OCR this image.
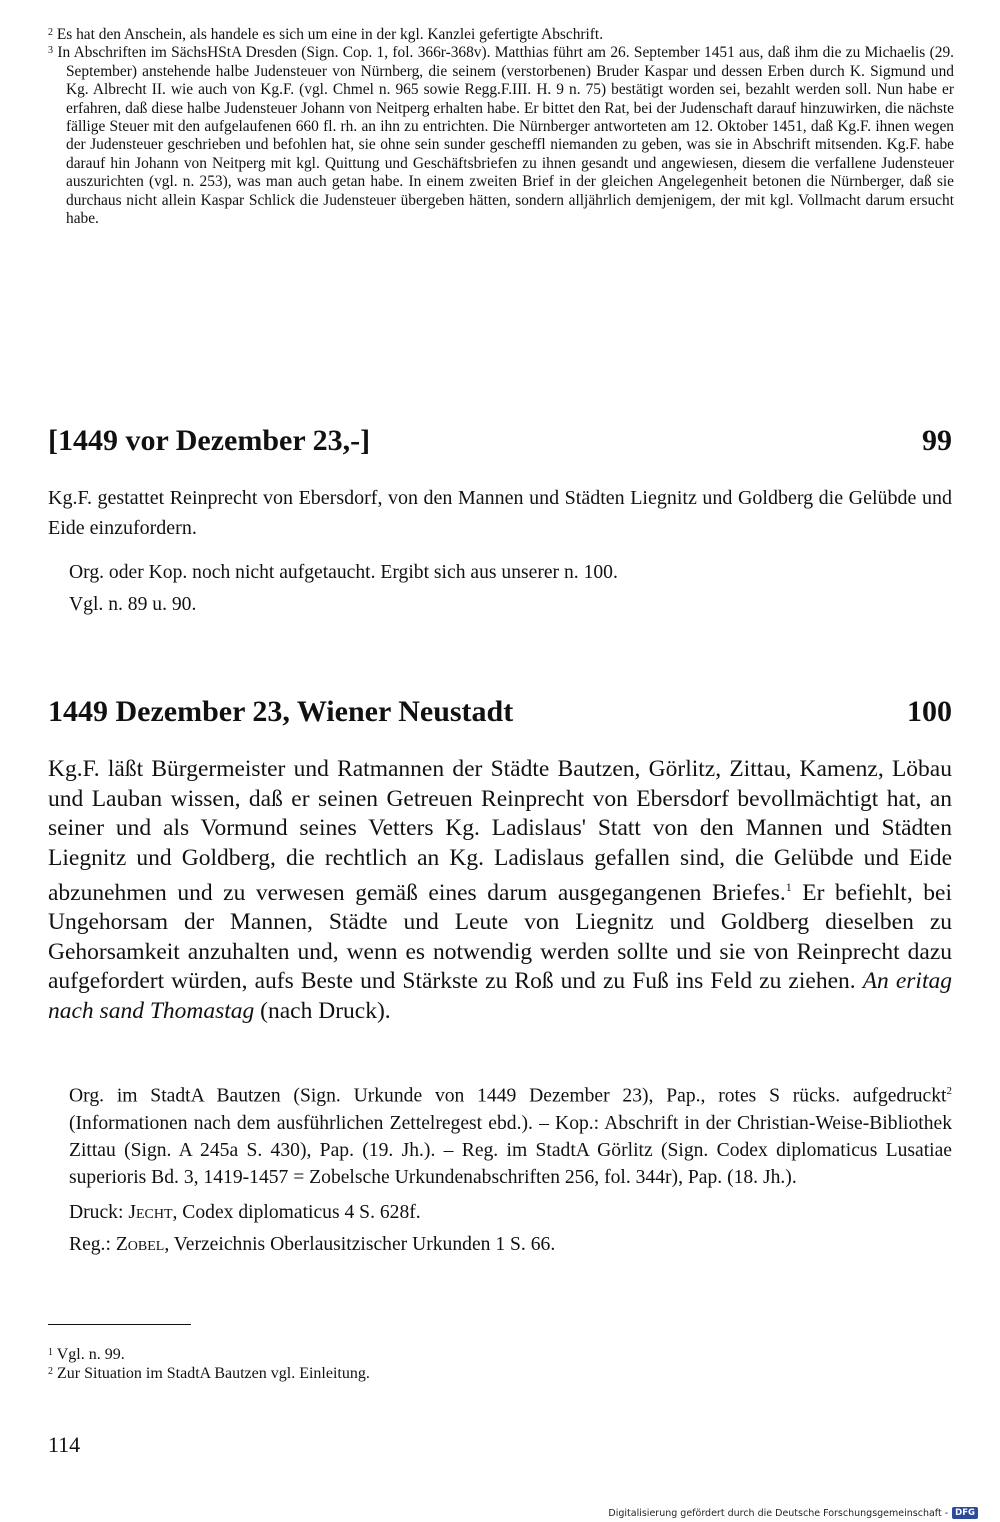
$^2$ Es hat den Anschein, als handele es sich um eine in der kgl. Kanzlei gefertigte Abschrift.

$^3$ In Abschriften im SächsHStA Dresden (Sign. Cop. 1, fol. 366r-368v). Matthias führt am 26. September 1451 aus, daß ihm die zu Michaelis (29. September) anstehende halbe Judensteuer von Nürnberg, die seinem (verstorbenen) Bruder Kaspar und dessen Erben durch K. Sigmund und Kg. Albrecht II. wie auch von Kg.F. (vgl. Chmel n. 965 sowie Regg.F.III. H. 9 n. 75) bestätigt worden sei, bezahlt werden soll. Nun habe er erfahren, daß diese halbe Judensteuer Johann von Neitperg erhalten habe. Er bittet den Rat, bei der Judenschaft darauf hinzuwirken, die nächste fällige Steuer mit den aufgelaufenen 660 fl. rh. an ihn zu entrichten. Die Nürnberger antworteten am 12. Oktober 1451, daß Kg.F. ihnen wegen der Judensteuer geschrieben und befohlen hat, sie ohne sein sunder gescheffl niemanden zu geben, was sie in Abschrift mitsenden. Kg.F. habe darauf hin Johann von Neitperg mit kgl. Quittung und Geschäftsbriefen zu ihnen gesandt und angewiesen, diesem die verfallene Judensteuer auszurichten (vgl. n. 253), was man auch getan habe. In einem zweiten Brief in der gleichen Angelegenheit betonen die Nürnberger, daß sie durchaus nicht allein Kaspar Schlick die Judensteuer übergeben hätten, sondern alljährlich demjenigem, der mit kgl. Vollmacht darum ersucht habe.

[1449 vor Dezember 23,-]	99
Kg.F. gestattet Reinprecht von Ebersdorf, von den Mannen und Städten Liegnitz und Goldberg die Gelübde und Eide einzufordern.

Org. oder Kop. noch nicht aufgetaucht. Ergibt sich aus unserer n. 100.

Vgl. n. 89 u. 90.

1449 Dezember 23, Wiener Neustadt	100
Kg.F. läßt Bürgermeister und Ratmannen der Städte Bautzen, Görlitz, Zittau, Kamenz, Löbau und Lauban wissen, daß er seinen Getreuen Reinprecht von Ebersdorf bevollmächtigt hat, an seiner und als Vormund seines Vetters Kg. Ladislaus' Statt von den Mannen und Städten Liegnitz und Goldberg, die rechtlich an Kg. Ladislaus gefallen sind, die Gelübde und Eide abzunehmen und zu verwesen gemäß eines darum ausgegangenen Briefes.$^1$ Er befiehlt, bei Ungehorsam der Mannen, Städte und Leute von Liegnitz und Goldberg dieselben zu Gehorsamkeit anzuhalten und, wenn es notwendig werden sollte und sie von Reinprecht dazu aufgefordert würden, aufs Beste und Stärkste zu Roß und zu Fuß ins Feld zu ziehen. An eritag nach sand Thomastag (nach Druck).

Org. im StadtA Bautzen (Sign. Urkunde von 1449 Dezember 23), Pap., rotes S rücks. aufgedruckt$^2$ (Informationen nach dem ausführlichen Zettelregest ebd.). – Kop.: Abschrift in der Christian-Weise-Bibliothek Zittau (Sign. A 245a S. 430), Pap. (19. Jh.). – Reg. im StadtA Görlitz (Sign. Codex diplomaticus Lusatiae superioris Bd. 3, 1419-1457 = Zobelsche Urkundenabschriften 256, fol. 344r), Pap. (18. Jh.).

Druck: Jecht, Codex diplomaticus 4 S. 628f.

Reg.: Zobel, Verzeichnis Oberlausitzischer Urkunden 1 S. 66.

$^1$ Vgl. n. 99.

$^2$ Zur Situation im StadtA Bautzen vgl. Einleitung.

114
Digitalisierung gefördert durch die Deutsche Forschungsgemeinschaft - DFG
